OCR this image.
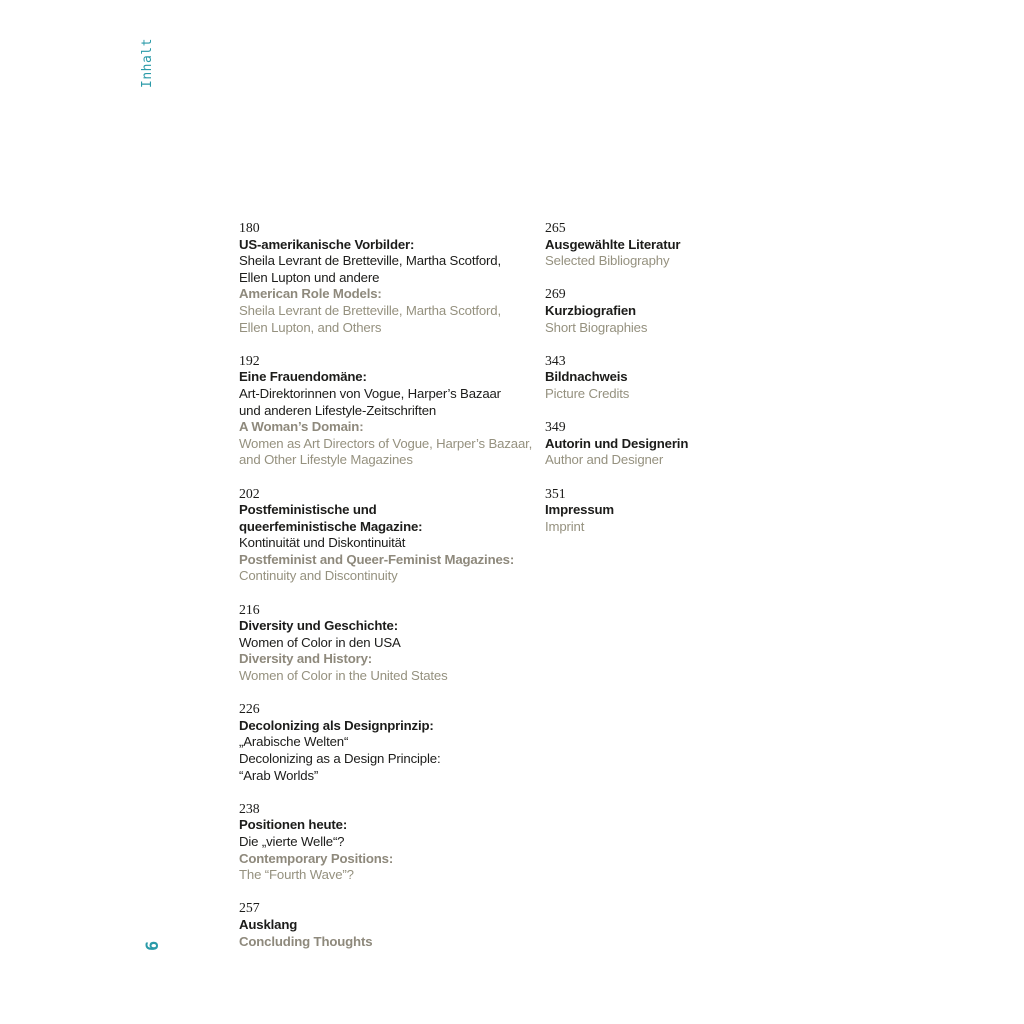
Inhalt
180
US-amerikanische Vorbilder:
Sheila Levrant de Bretteville, Martha Scotford,
Ellen Lupton und andere
American Role Models:
Sheila Levrant de Bretteville, Martha Scotford,
Ellen Lupton, and Others
192
Eine Frauendomäne:
Art-Direktorinnen von Vogue, Harper’s Bazaar
und anderen Lifestyle-Zeitschriften
A Woman’s Domain:
Women as Art Directors of Vogue, Harper’s Bazaar,
and Other Lifestyle Magazines
202
Postfeministische und
queerfeministische Magazine:
Kontinuität und Diskontinuität
Postfeminist and Queer-Feminist Magazines:
Continuity and Discontinuity
216
Diversity und Geschichte:
Women of Color in den USA
Diversity and History:
Women of Color in the United States
226
Decolonizing als Designprinzip:
„Arabische Welten“
Decolonizing as a Design Principle:
“Arab Worlds”
238
Positionen heute:
Die „vierte Welle“?
Contemporary Positions:
The “Fourth Wave”?
257
Ausklang
Concluding Thoughts
265
Ausgewählte Literatur
Selected Bibliography
269
Kurzbiografien
Short Biographies
343
Bildnachweis
Picture Credits
349
Autorin und Designerin
Author and Designer
351
Impressum
Imprint
6
